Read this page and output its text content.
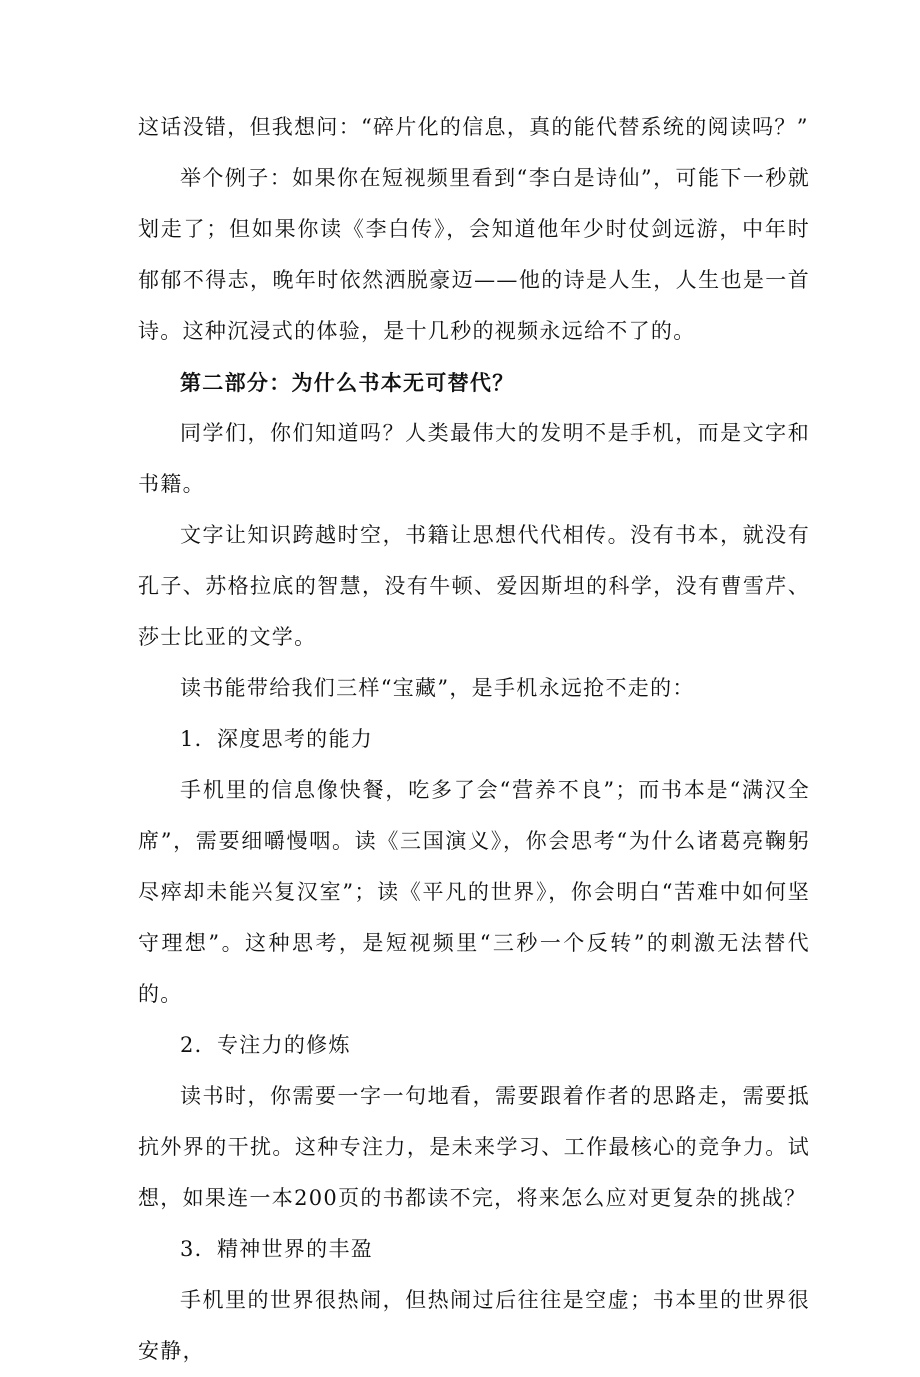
这话没错，但我想问：“碎片化的信息，真的能代替系统的阅读吗？”

举个例子：如果你在短视频里看到“李白是诗仙”，可能下一秒就划走了；但如果你读《李白传》，会知道他年少时仗剑远游，中年时郁郁不得志，晚年时依然洒脱豪迈——他的诗是人生，人生也是一首诗。这种沉浸式的体验，是十几秒的视频永远给不了的。

第二部分：为什么书本无可替代？

同学们，你们知道吗？人类最伟大的发明不是手机，而是文字和书籍。

文字让知识跨越时空，书籍让思想代代相传。没有书本，就没有孔子、苏格拉底的智慧，没有牛顿、爱因斯坦的科学，没有曹雪芹、莎士比亚的文学。

读书能带给我们三样“宝藏”，是手机永远抢不走的：

1．深度思考的能力

手机里的信息像快餐，吃多了会“营养不良”；而书本是“满汉全席”，需要细嚼慢咽。读《三国演义》，你会思考“为什么诸葛亮鞠躬尽瘁却未能兴复汉室”；读《平凡的世界》，你会明白“苦难中如何坚守理想”。这种思考，是短视频里“三秒一个反转”的刺激无法替代的。

2．专注力的修炼

读书时，你需要一字一句地看，需要跟着作者的思路走，需要抵抗外界的干扰。这种专注力，是未来学习、工作最核心的竞争力。试想，如果连一本200页的书都读不完，将来怎么应对更复杂的挑战？

3．精神世界的丰盈

手机里的世界很热闹，但热闹过后往往是空虚；书本里的世界很安静，
